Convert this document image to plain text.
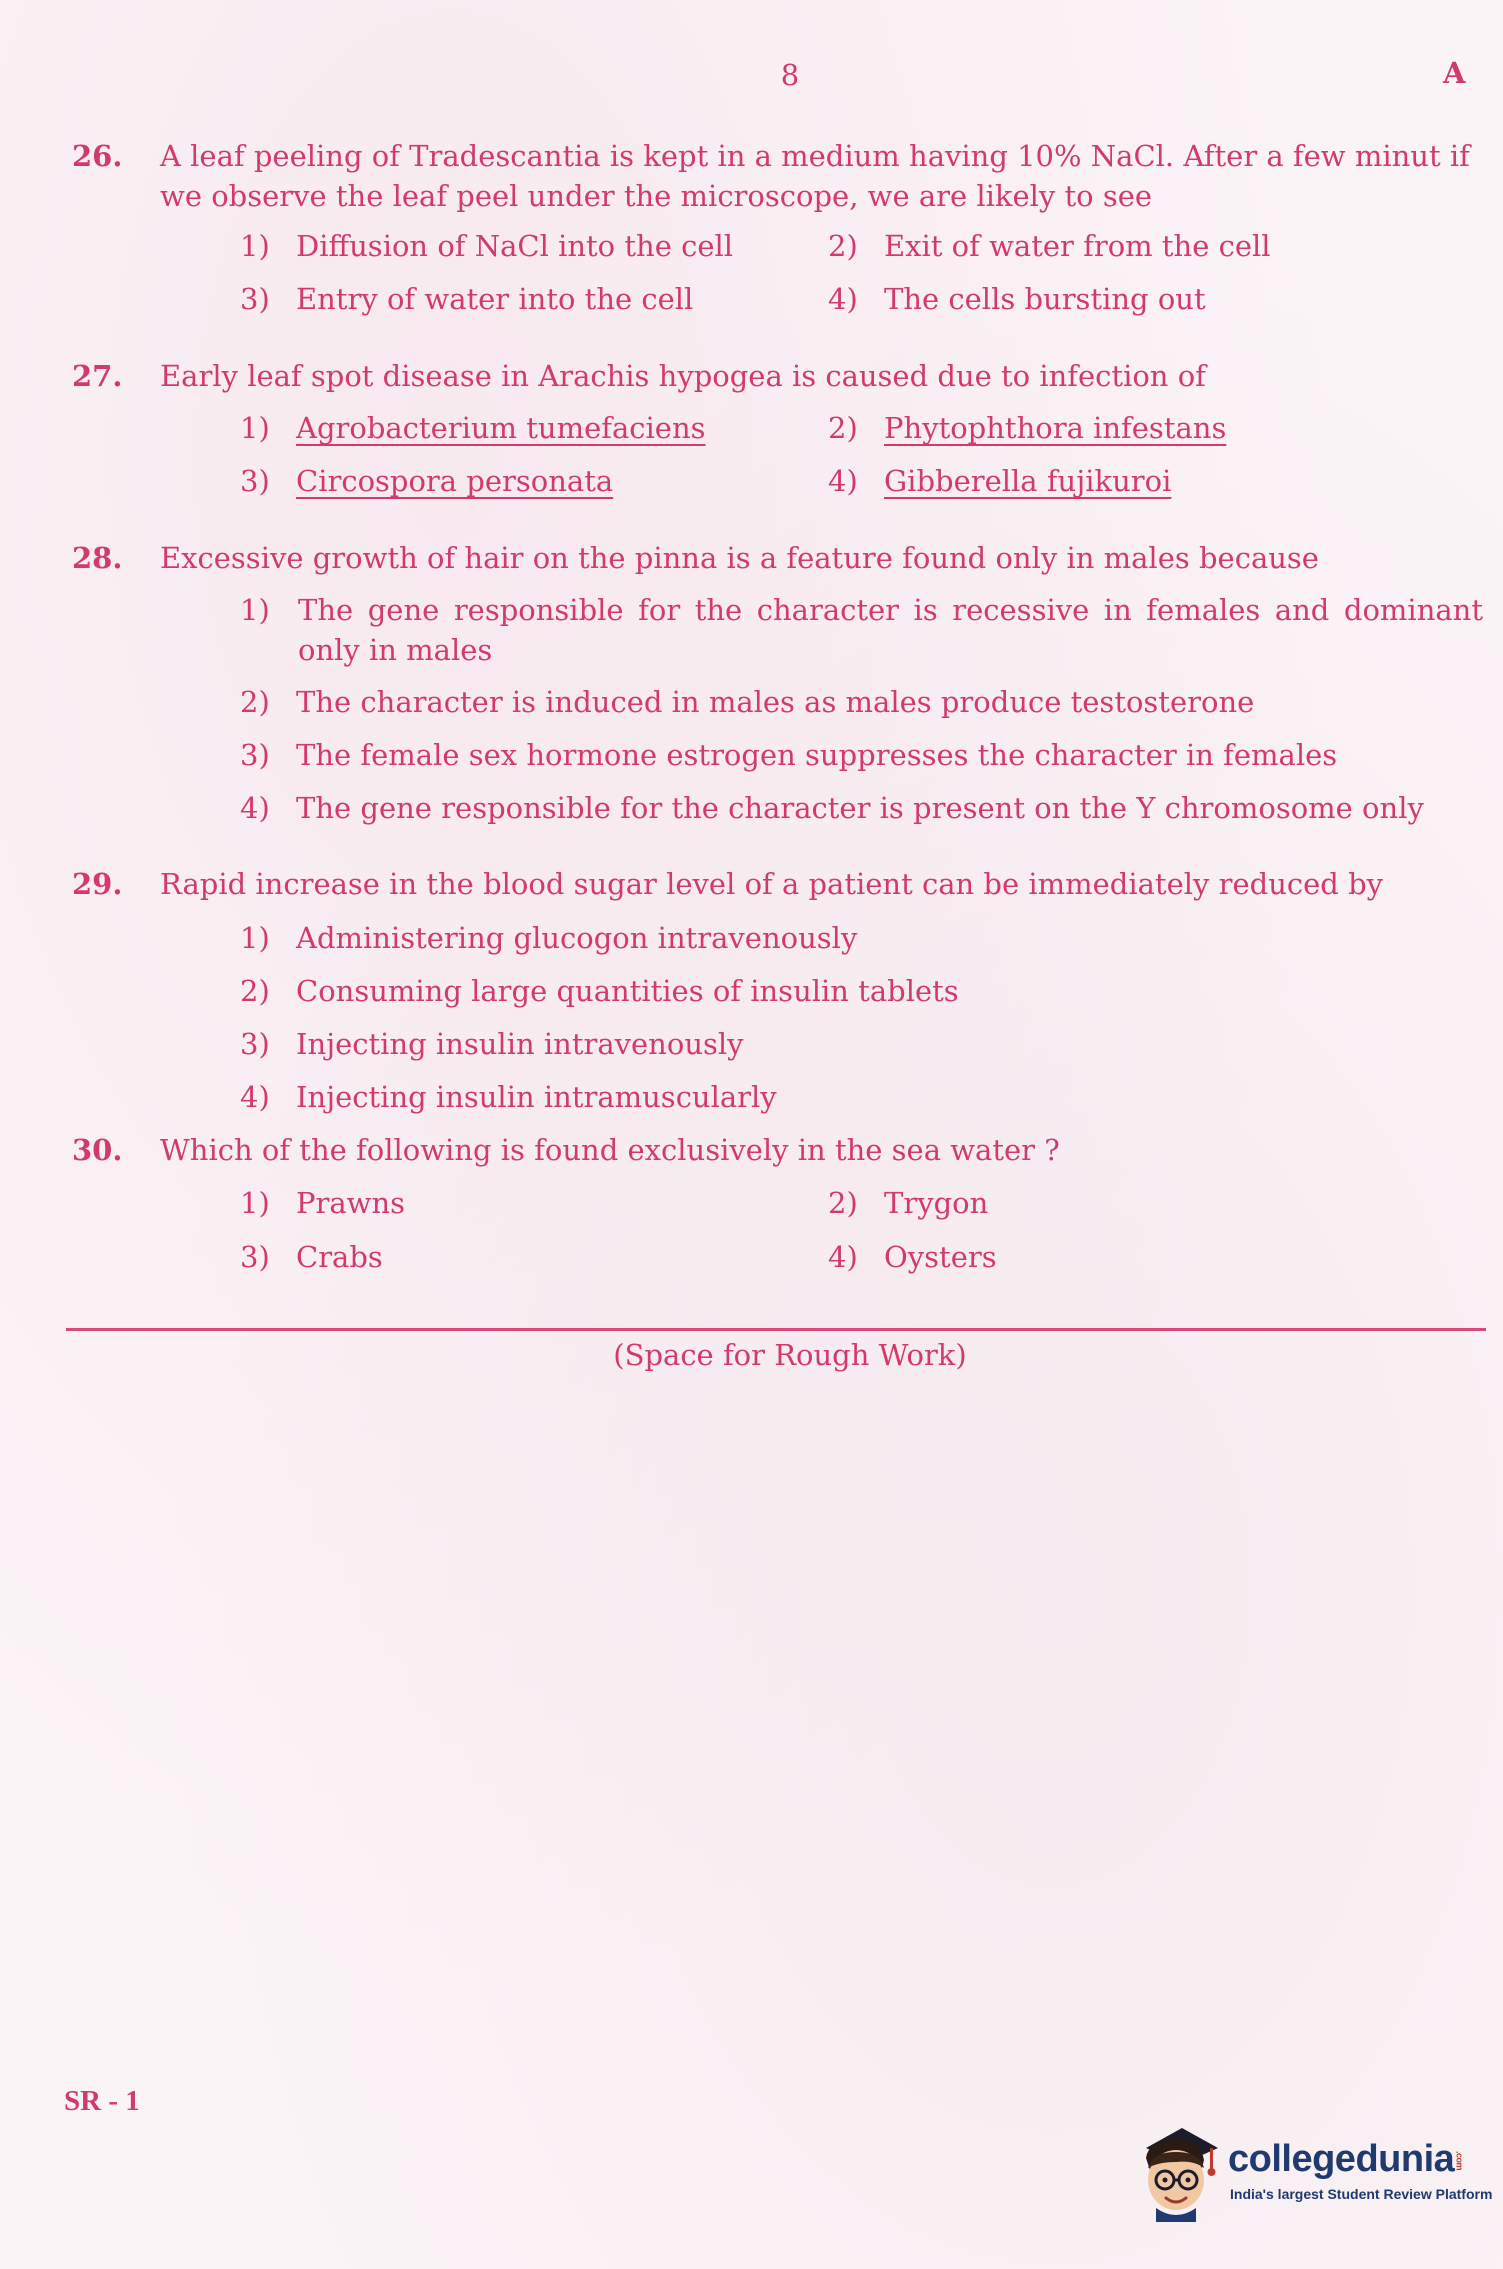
8	A
26.	A leaf peeling of Tradescantia is kept in a medium having 10% NaCl. After a few minut if we observe the leaf peel under the microscope, we are likely to see
1) Diffusion of NaCl into the cell	2) Exit of water from the cell
3) Entry of water into the cell	4) The cells bursting out
27.	Early leaf spot disease in Arachis hypogea is caused due to infection of
1) Agrobacterium tumefaciens	2) Phytophthora infestans
3) Circospora personata	4) Gibberella fujikuroi
28.	Excessive growth of hair on the pinna is a feature found only in males because
1) The gene responsible for the character is recessive in females and dominant only in males
2) The character is induced in males as males produce testosterone
3) The female sex hormone estrogen suppresses the character in females
4) The gene responsible for the character is present on the Y chromosome only
29.	Rapid increase in the blood sugar level of a patient can be immediately reduced by
1) Administering glucogon intravenously
2) Consuming large quantities of insulin tablets
3) Injecting insulin intravenously
4) Injecting insulin intramuscularly
30.	Which of the following is found exclusively in the sea water ?
1) Prawns	2) Trygon
3) Crabs	4) Oysters
(Space for Rough Work)
SR - 1
collegedunia.com
India's largest Student Review Platform
